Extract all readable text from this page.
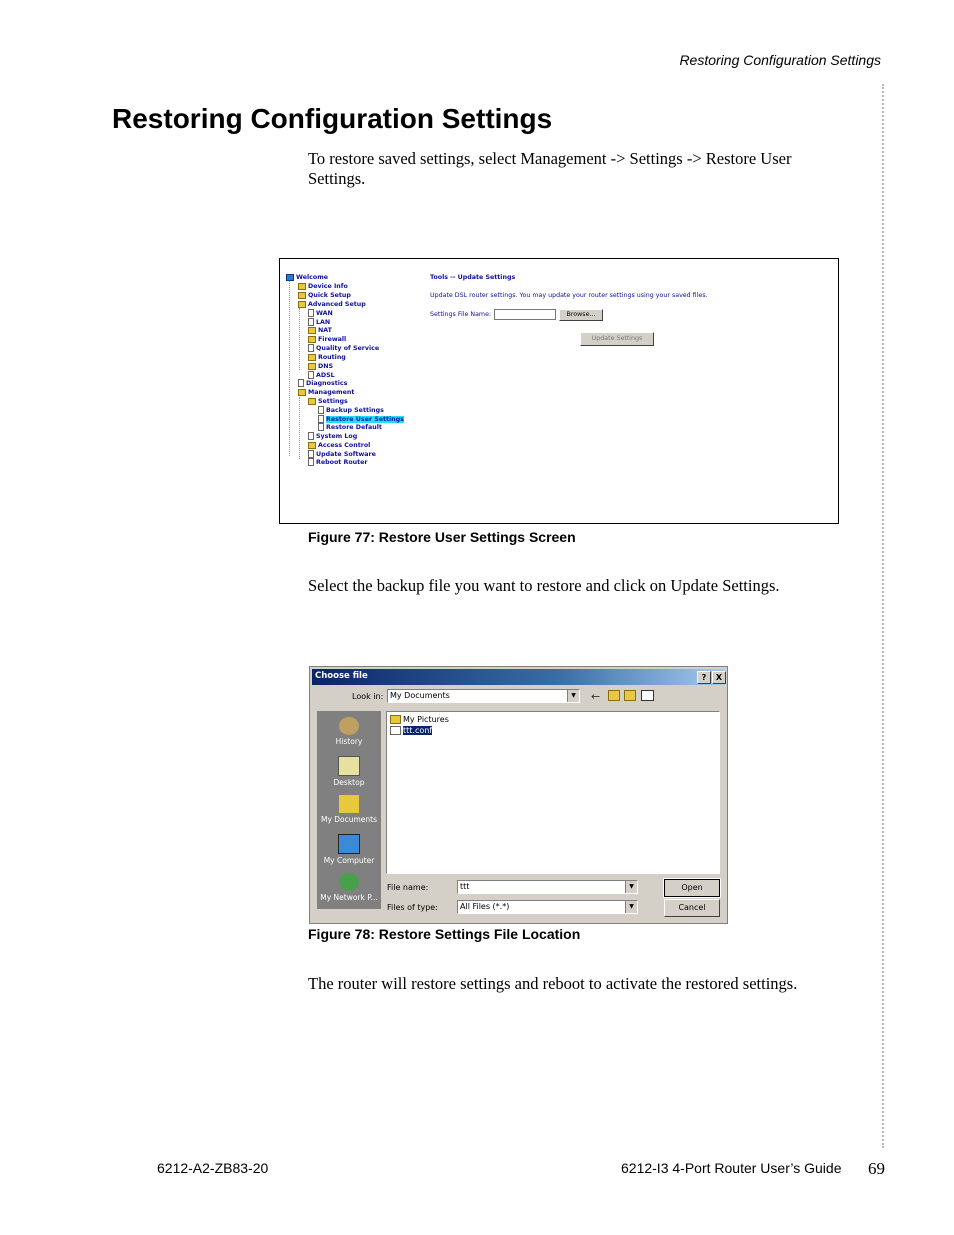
Restoring Configuration Settings
Restoring Configuration Settings
To restore saved settings, select Management -> Settings -> Restore User Settings.
Welcome
Device Info
Quick Setup
Advanced Setup
WAN
LAN
NAT
Firewall
Quality of Service
Routing
DNS
ADSL
Diagnostics
Management
Settings
Backup Settings
Restore User Settings
Restore Default
System Log
Access Control
Update Software
Reboot Router
Tools -- Update Settings
Update DSL router settings. You may update your router settings using your saved files.
Settings File Name:	Browse...
Update Settings
Figure 77: Restore User Settings Screen
Select the backup file you want to restore and click on Update Settings.
Choose file	?	X
Look in: My Documents	▼ ←
History
Desktop
My Documents
My Computer
My Network P...
My Pictures
ttt.conf
File name:	ttt	▼
Files of type:	All Files (*.*)	▼
Open
Cancel
Figure 78: Restore Settings File Location
The router will restore settings and reboot to activate the restored settings.
6212-A2-ZB83-20	6212-I3 4-Port Router User’s Guide 69
